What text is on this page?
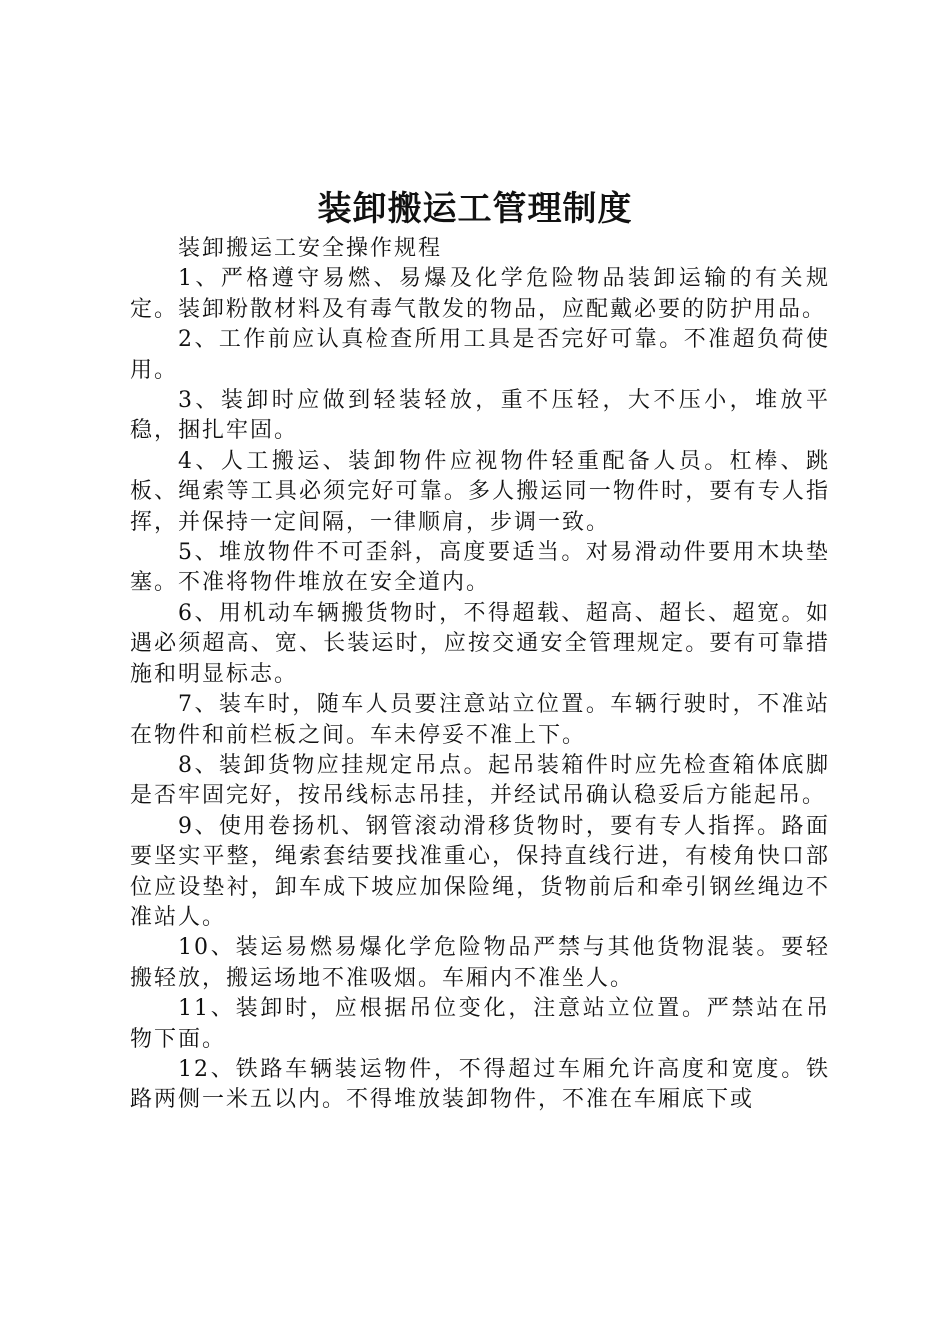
装卸搬运工管理制度

装卸搬运工安全操作规程

1、严格遵守易燃、易爆及化学危险物品装卸运输的有关规定。装卸粉散材料及有毒气散发的物品，应配戴必要的防护用品。

2、工作前应认真检查所用工具是否完好可靠。不准超负荷使用。

3、装卸时应做到轻装轻放，重不压轻，大不压小，堆放平稳，捆扎牢固。

4、人工搬运、装卸物件应视物件轻重配备人员。杠棒、跳板、绳索等工具必须完好可靠。多人搬运同一物件时，要有专人指挥，并保持一定间隔，一律顺肩，步调一致。

5、堆放物件不可歪斜，高度要适当。对易滑动件要用木块垫塞。不准将物件堆放在安全道内。

6、用机动车辆搬货物时，不得超载、超高、超长、超宽。如遇必须超高、宽、长装运时，应按交通安全管理规定。要有可靠措施和明显标志。

7、装车时，随车人员要注意站立位置。车辆行驶时，不准站在物件和前栏板之间。车未停妥不准上下。

8、装卸货物应挂规定吊点。起吊装箱件时应先检查箱体底脚是否牢固完好，按吊线标志吊挂，并经试吊确认稳妥后方能起吊。

9、使用卷扬机、钢管滚动滑移货物时，要有专人指挥。路面要坚实平整，绳索套结要找准重心，保持直线行进，有棱角快口部位应设垫衬，卸车成下坡应加保险绳，货物前后和牵引钢丝绳边不准站人。

10、装运易燃易爆化学危险物品严禁与其他货物混装。要轻搬轻放，搬运场地不准吸烟。车厢内不准坐人。

11、装卸时，应根据吊位变化，注意站立位置。严禁站在吊物下面。

12、铁路车辆装运物件，不得超过车厢允许高度和宽度。铁路两侧一米五以内。不得堆放装卸物件，不准在车厢底下或
